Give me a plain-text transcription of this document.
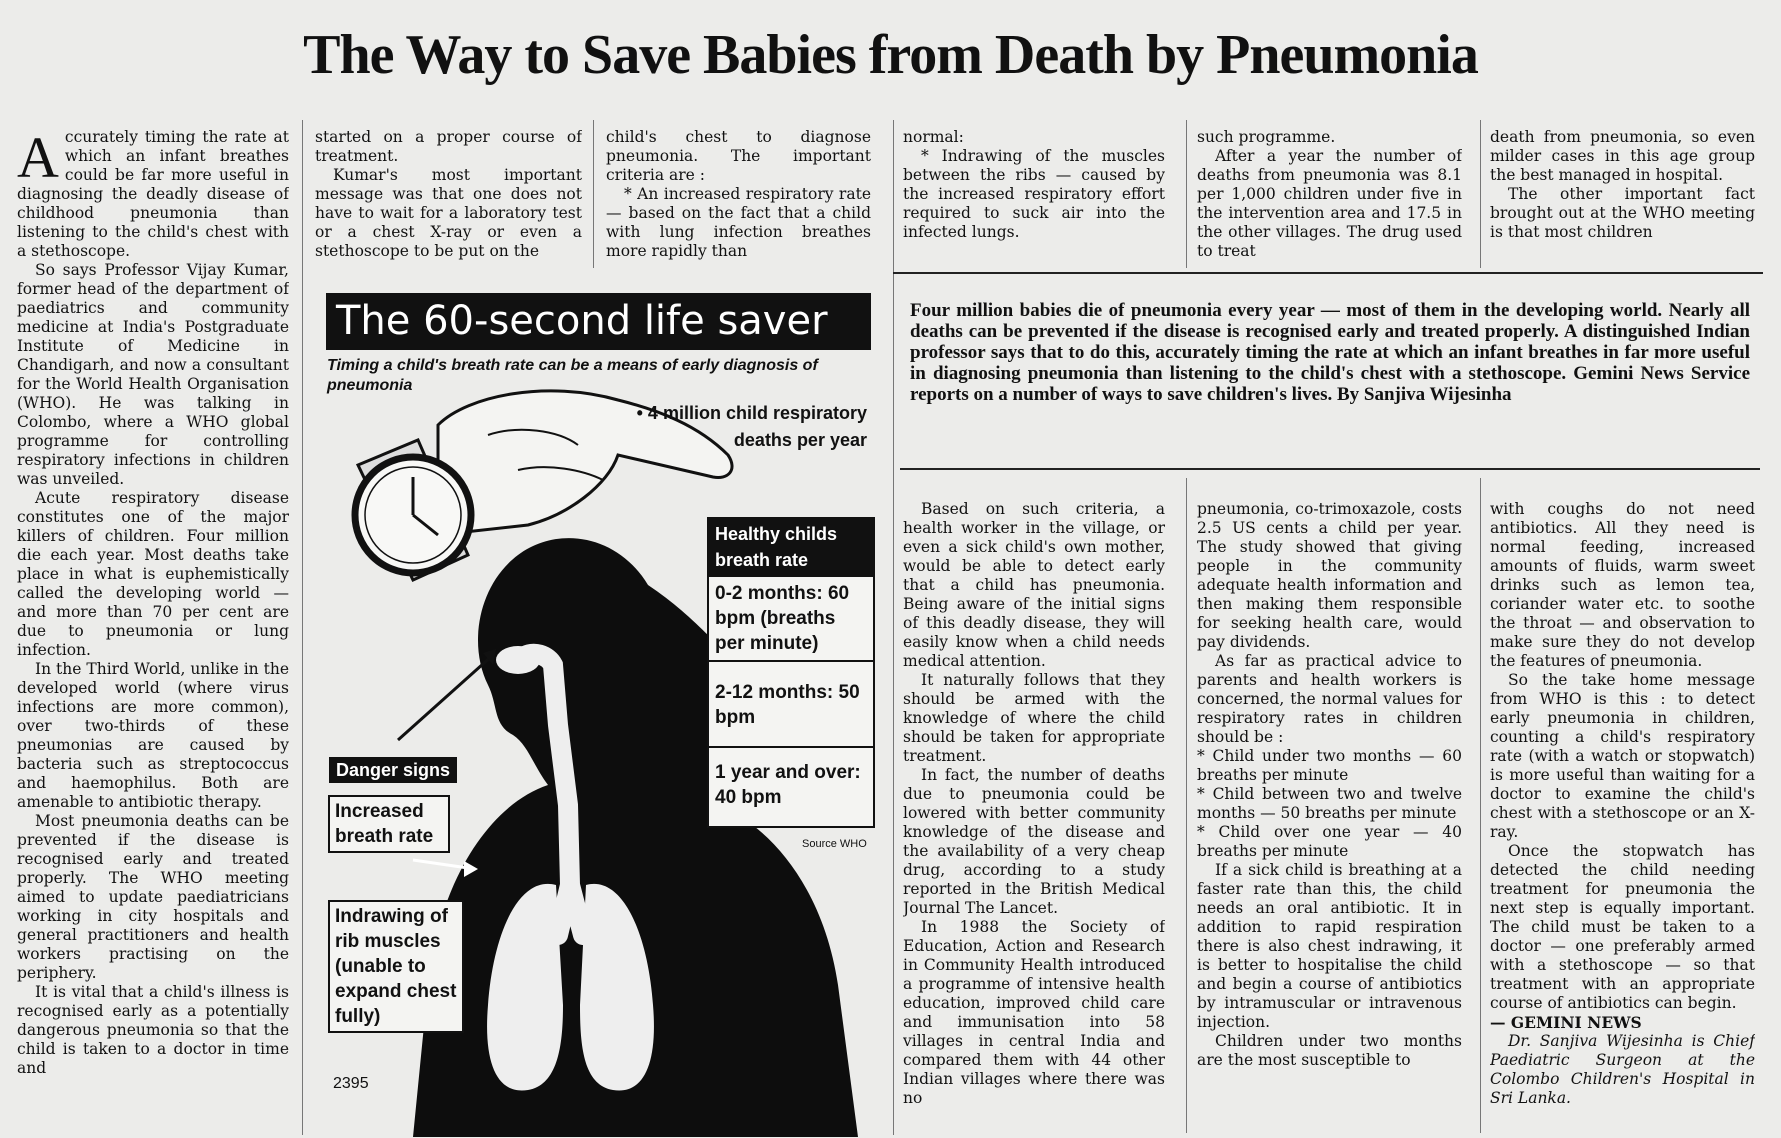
The Way to Save Babies from Death by Pneumonia

Accurately timing the rate at which an infant breathes could be far more useful in diagnosing the deadly disease of childhood pneumonia than listening to the child's chest with a stethoscope.

So says Professor Vijay Kumar, former head of the department of paediatrics and community medicine at India's Postgraduate Institute of Medicine in Chandigarh, and now a consultant for the World Health Organisation (WHO). He was talking in Colombo, where a WHO global programme for controlling respiratory infections in children was unveiled.

Acute respiratory disease constitutes one of the major killers of children. Four million die each year. Most deaths take place in what is euphemistically called the developing world — and more than 70 per cent are due to pneumonia or lung infection.

In the Third World, unlike in the developed world (where virus infections are more common), over two-thirds of these pneumonias are caused by bacteria such as streptococcus and haemophilus. Both are amenable to antibiotic therapy.

Most pneumonia deaths can be prevented if the disease is recognised early and treated properly. The WHO meeting aimed to update paediatricians working in city hospitals and general practitioners and health workers practising on the periphery.

It is vital that a child's illness is recognised early as a potentially dangerous pneumonia so that the child is taken to a doctor in time and

started on a proper course of treatment.

Kumar's most important message was that one does not have to wait for a laboratory test or a chest X-ray or even a stethoscope to be put on the

child's chest to diagnose pneumonia. The important criteria are :

* An increased respiratory rate — based on the fact that a child with lung infection breathes more rapidly than

normal:

* Indrawing of the muscles between the ribs — caused by the increased respiratory effort required to suck air into the infected lungs.

such programme.

After a year the number of deaths from pneumonia was 8.1 per 1,000 children under five in the intervention area and 17.5 in the other villages. The drug used to treat

death from pneumonia, so even milder cases in this age group the best managed in hospital.

The other important fact brought out at the WHO meeting is that most children

Four million babies die of pneumonia every year — most of them in the developing world. Nearly all deaths can be prevented if the disease is recognised early and treated properly. A distinguished Indian professor says that to do this, accurately timing the rate at which an infant breathes in far more useful in diagnosing pneumonia than listening to the child's chest with a stethoscope. Gemini News Service reports on a number of ways to save children's lives. By Sanjiva Wijesinha

Based on such criteria, a health worker in the village, or even a sick child's own mother, would be able to detect early that a child has pneumonia. Being aware of the initial signs of this deadly disease, they will easily know when a child needs medical attention.

It naturally follows that they should be armed with the knowledge of where the child should be taken for appropriate treatment.

In fact, the number of deaths due to pneumonia could be lowered with better community knowledge of the disease and the availability of a very cheap drug, according to a study reported in the British Medical Journal The Lancet.

In 1988 the Society of Education, Action and Research in Community Health introduced a programme of intensive health education, improved child care and immunisation into 58 villages in central India and compared them with 44 other Indian villages where there was no

pneumonia, co-trimoxazole, costs 2.5 US cents a child per year. The study showed that giving people in the community adequate health information and then making them responsible for seeking health care, would pay dividends.

As far as practical advice to parents and health workers is concerned, the normal values for respiratory rates in children should be :

* Child under two months — 60 breaths per minute

* Child between two and twelve months — 50 breaths per minute

* Child over one year — 40 breaths per minute

If a sick child is breathing at a faster rate than this, the child needs an oral antibiotic. It in addition to rapid respiration there is also chest indrawing, it is better to hospitalise the child and begin a course of antibiotics by intramuscular or intravenous injection.

Children under two months are the most susceptible to

with coughs do not need antibiotics. All they need is normal feeding, increased amounts of fluids, warm sweet drinks such as lemon tea, coriander water etc. to soothe the throat — and observation to make sure they do not develop the features of pneumonia.

So the take home message from WHO is this : to detect early pneumonia in children, counting a child's respiratory rate (with a watch or stopwatch) is more useful than waiting for a doctor to examine the child's chest with a stethoscope or an X-ray.

Once the stopwatch has detected the child needing treatment for pneumonia the next step is equally important. The child must be taken to a doctor — one preferably armed with a stethoscope — so that treatment with an appropriate course of antibiotics can begin.

— GEMINI NEWS

Dr. Sanjiva Wijesinha is Chief Paediatric Surgeon at the Colombo Children's Hospital in Sri Lanka.

The 60-second life saver
Timing a child's breath rate can be a means of early diagnosis of pneumonia
• 4 million child respiratory deaths per year
Healthy childs breath rate
0-2 months: 60 bpm (breaths per minute)
2-12 months: 50 bpm
1 year and over: 40 bpm
Danger signs
Increased breath rate
Indrawing of rib muscles (unable to expand chest fully)
Source WHO
2395
